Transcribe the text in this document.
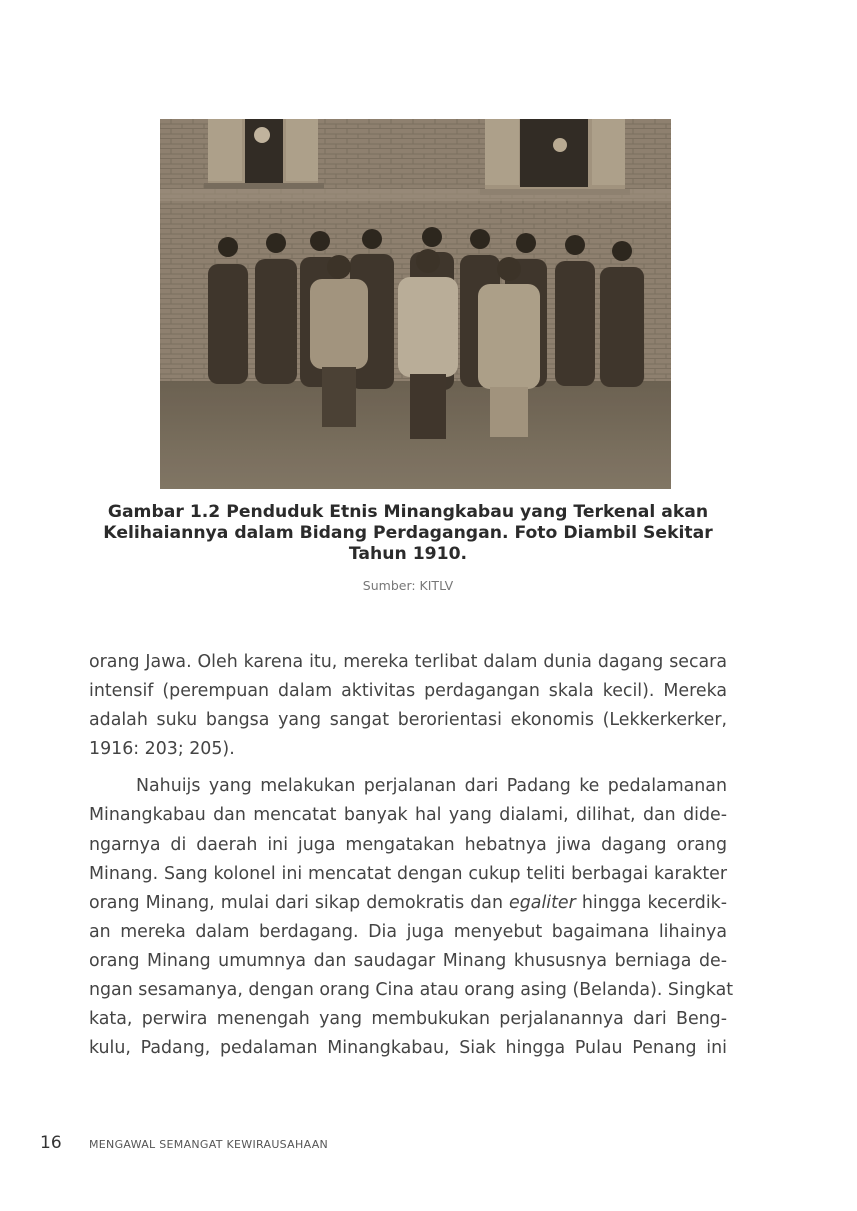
Gambar 1.2 Penduduk Etnis Minangkabau yang Terkenal akan
Kelihaiannya dalam Bidang Perdagangan. Foto Diambil Sekitar
Tahun 1910.
Sumber: KITLV
orang Jawa. Oleh karena itu, mereka terlibat dalam dunia dagang secara
intensif (perempuan dalam aktivitas perdagangan skala kecil). Mereka
adalah suku bangsa yang sangat berorientasi ekonomis (Lekkerkerker,
1916: 203; 205).
Nahuijs yang melakukan perjalanan dari Padang ke pedalamanan
Minangkabau dan mencatat banyak hal yang dialami, dilihat, dan dide-
ngarnya di daerah ini juga mengatakan hebatnya jiwa dagang orang
Minang. Sang kolonel ini mencatat dengan cukup teliti berbagai karakter
orang Minang, mulai dari sikap demokratis dan egaliter hingga kecerdik-
an mereka dalam berdagang. Dia juga menyebut bagaimana lihainya
orang Minang umumnya dan saudagar Minang khususnya berniaga de-
ngan sesamanya, dengan orang Cina atau orang asing (Belanda). Singkat
kata, perwira menengah yang membukukan perjalanannya dari Beng-
kulu, Padang, pedalaman Minangkabau, Siak hingga Pulau Penang ini
16 MENGAWAL SEMANGAT KEWIRAUSAHAAN
